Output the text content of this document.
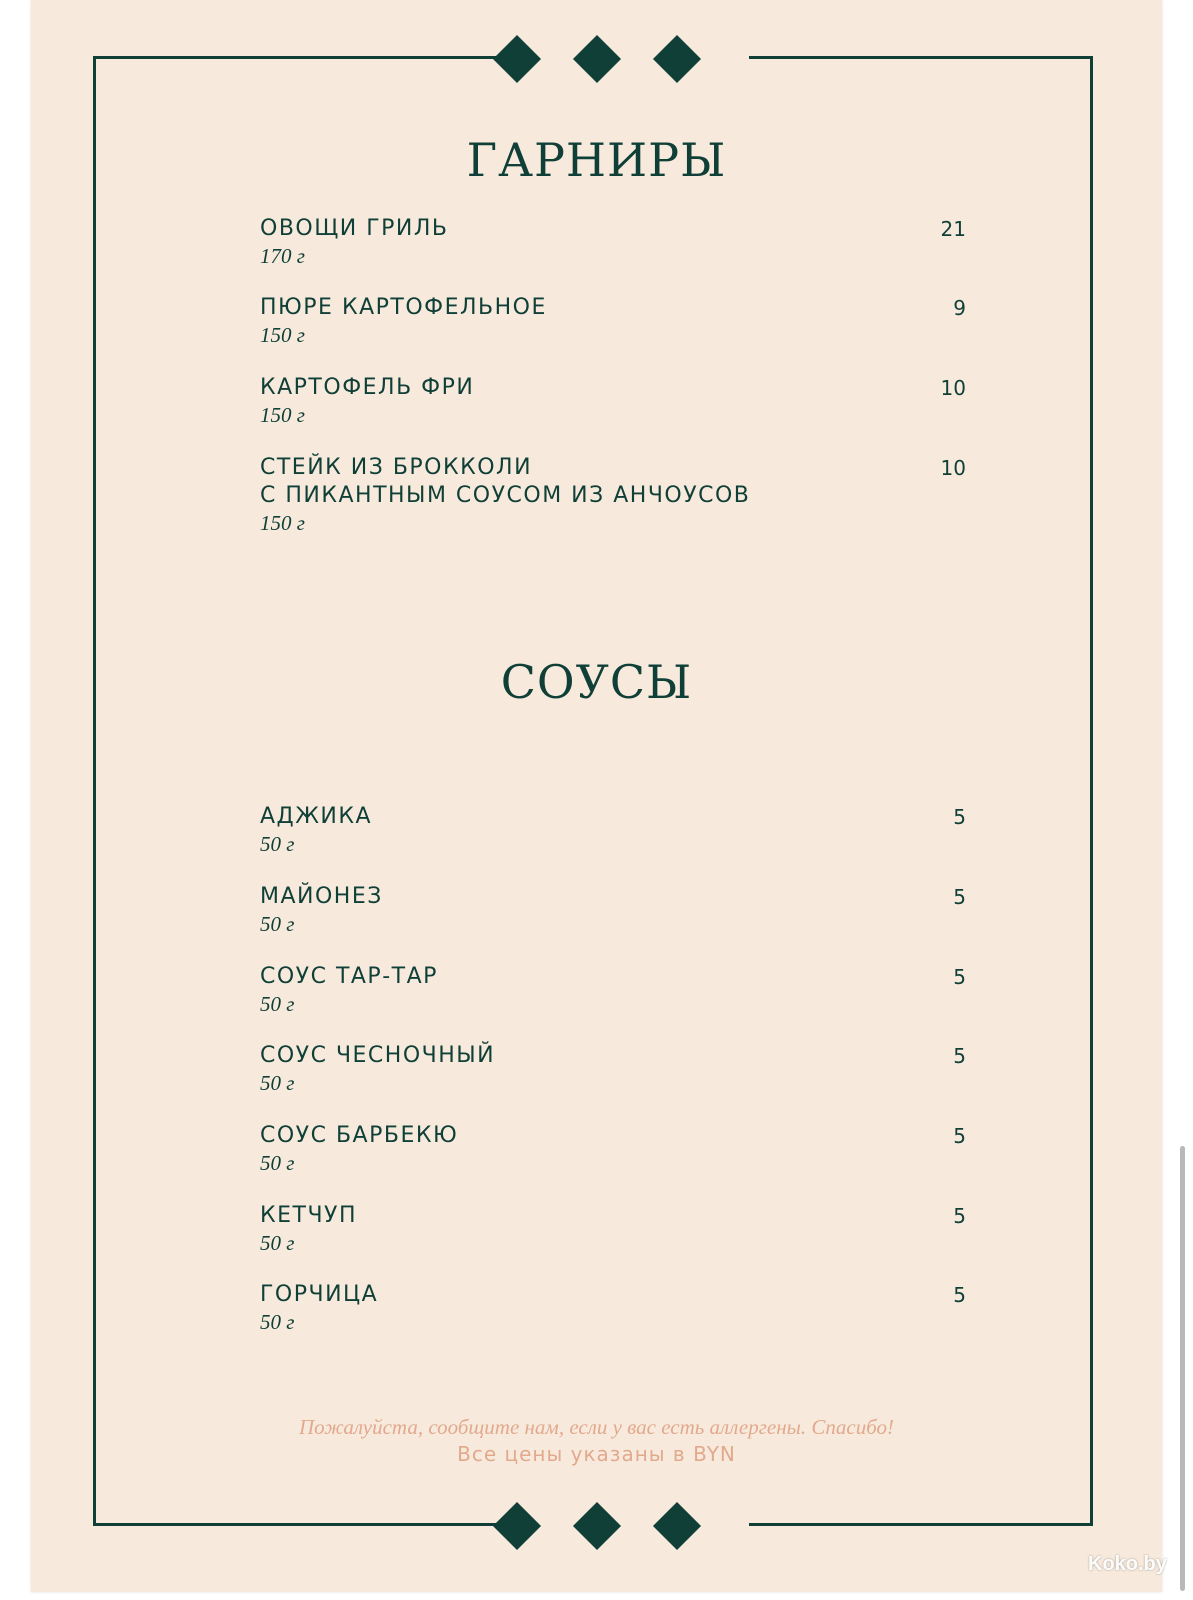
ГАРНИРЫ
ОВОЩИ ГРИЛЬ
170 г
21
ПЮРЕ КАРТОФЕЛЬНОЕ
150 г
9
КАРТОФЕЛЬ ФРИ
150 г
10
СТЕЙК ИЗ БРОККОЛИ
С ПИКАНТНЫМ СОУСОМ ИЗ АНЧОУСОВ
150 г
10
СОУСЫ
АДЖИКА
50 г
5
МАЙОНЕЗ
50 г
5
СОУС ТАР-ТАР
50 г
5
СОУС ЧЕСНОЧНЫЙ
50 г
5
СОУС БАРБЕКЮ
50 г
5
КЕТЧУП
50 г
5
ГОРЧИЦА
50 г
5
Пожалуйста, сообщите нам, если у вас есть аллергены. Спасибо!
Все цены указаны в BYN
Koko.by
